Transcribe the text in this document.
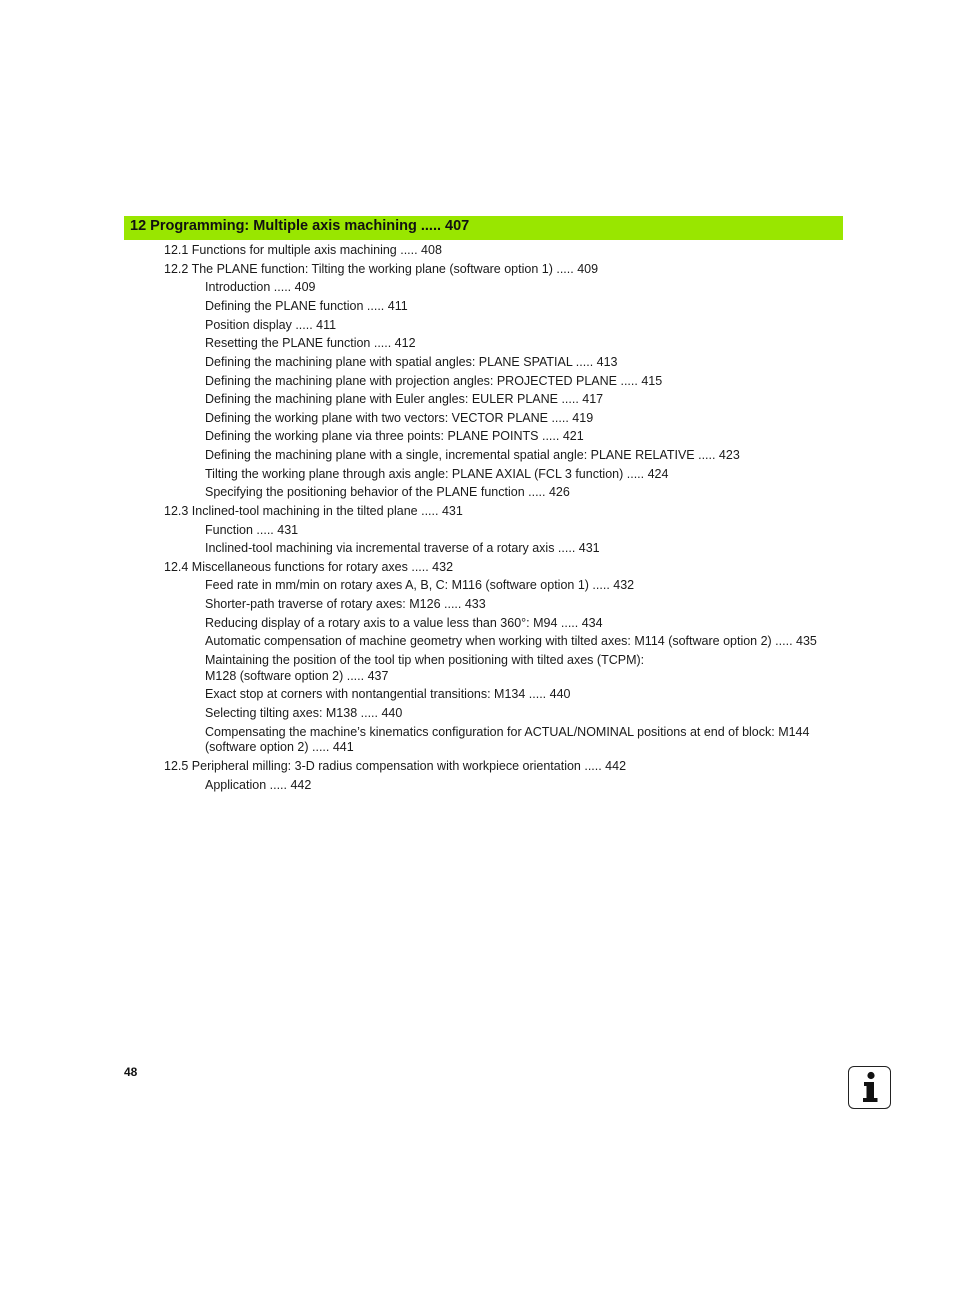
12 Programming: Multiple axis machining ..... 407
12.1 Functions for multiple axis machining ..... 408
12.2 The PLANE function: Tilting the working plane (software option 1) ..... 409
Introduction ..... 409
Defining the PLANE function ..... 411
Position display ..... 411
Resetting the PLANE function ..... 412
Defining the machining plane with spatial angles: PLANE SPATIAL ..... 413
Defining the machining plane with projection angles: PROJECTED PLANE ..... 415
Defining the machining plane with Euler angles: EULER PLANE ..... 417
Defining the working plane with two vectors: VECTOR PLANE ..... 419
Defining the working plane via three points: PLANE POINTS ..... 421
Defining the machining plane with a single, incremental spatial angle: PLANE RELATIVE ..... 423
Tilting the working plane through axis angle: PLANE AXIAL (FCL 3 function) ..... 424
Specifying the positioning behavior of the PLANE function ..... 426
12.3 Inclined-tool machining in the tilted plane ..... 431
Function ..... 431
Inclined-tool machining via incremental traverse of a rotary axis ..... 431
12.4 Miscellaneous functions for rotary axes ..... 432
Feed rate in mm/min on rotary axes A, B, C: M116 (software option 1) ..... 432
Shorter-path traverse of rotary axes: M126 ..... 433
Reducing display of a rotary axis to a value less than 360°: M94 ..... 434
Automatic compensation of machine geometry when working with tilted axes: M114 (software option 2) ..... 435
Maintaining the position of the tool tip when positioning with tilted axes (TCPM):
M128 (software option 2) ..... 437
Exact stop at corners with nontangential transitions: M134 ..... 440
Selecting tilting axes: M138 ..... 440
Compensating the machine’s kinematics configuration for ACTUAL/NOMINAL positions at end of block: M144
(software option 2) ..... 441
12.5 Peripheral milling: 3-D radius compensation with workpiece orientation ..... 442
Application ..... 442
48
